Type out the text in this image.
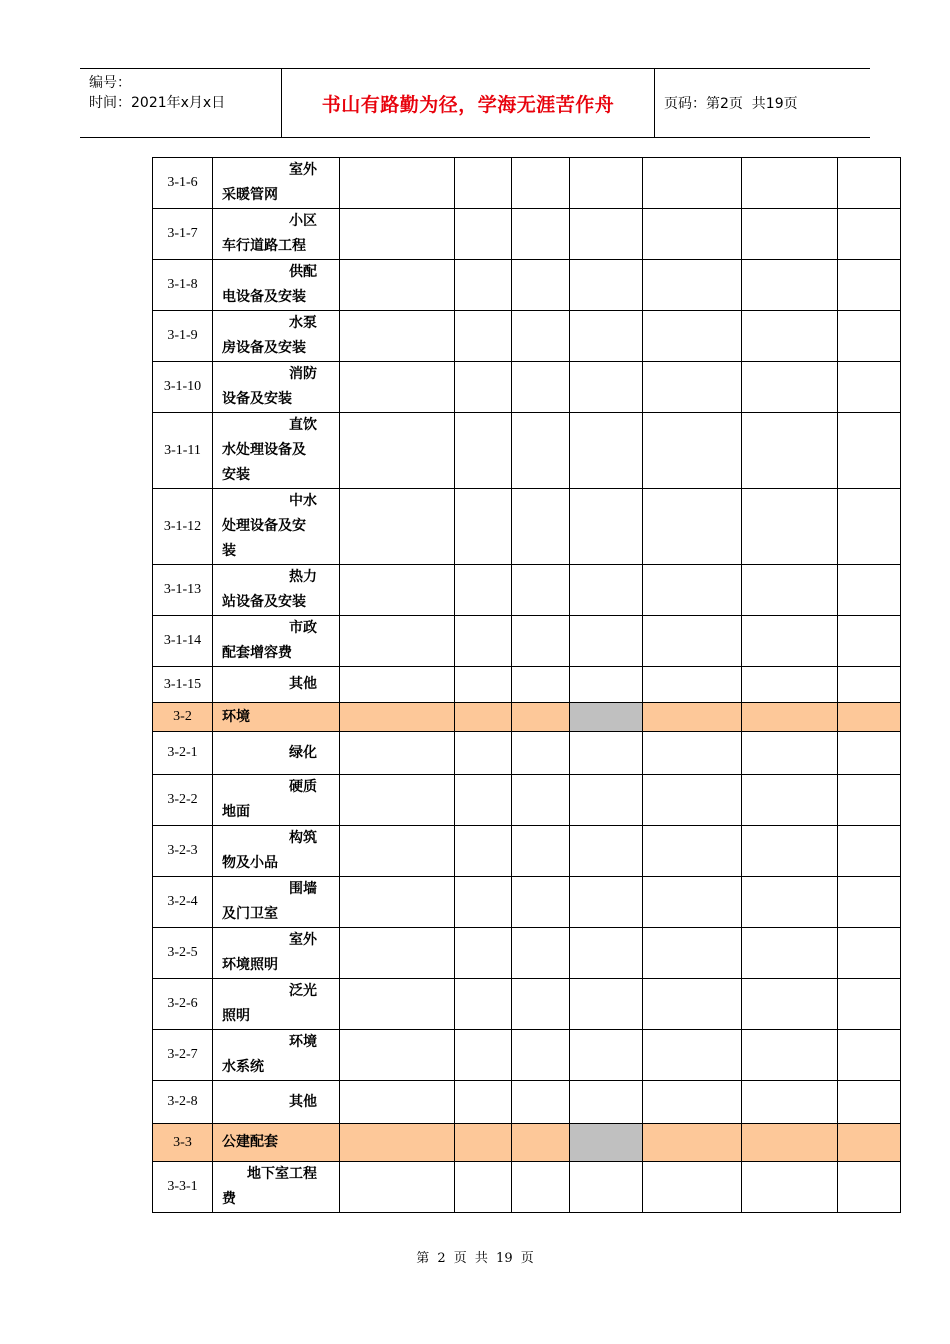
编号：
时间：2021年x月x日	书山有路勤为径，学海无涯苦作舟	页码：第2页  共19页
3-1-6	室外
采暖管网							

3-1-7	小区
车行道路工程							

3-1-8	供配
电设备及安装							

3-1-9	水泵
房设备及安装							

3-1-10	消防
设备及安装							

3-1-11	直饮
水处理设备及
安装							

3-1-12	中水
处理设备及安
装							

3-1-13	热力
站设备及安装							

3-1-14	市政
配套增容费							

3-1-15	其他							

3-2	环境							
3-2-1	绿化							

3-2-2	硬质
地面							

3-2-3	构筑
物及小品							

3-2-4	围墙
及门卫室							

3-2-5	室外
环境照明							

3-2-6	泛光
照明							

3-2-7	环境
水系统							

3-2-8	其他							

3-3	公建配套							
3-3-1	地下室工程
费							

第 2 页 共 19 页
